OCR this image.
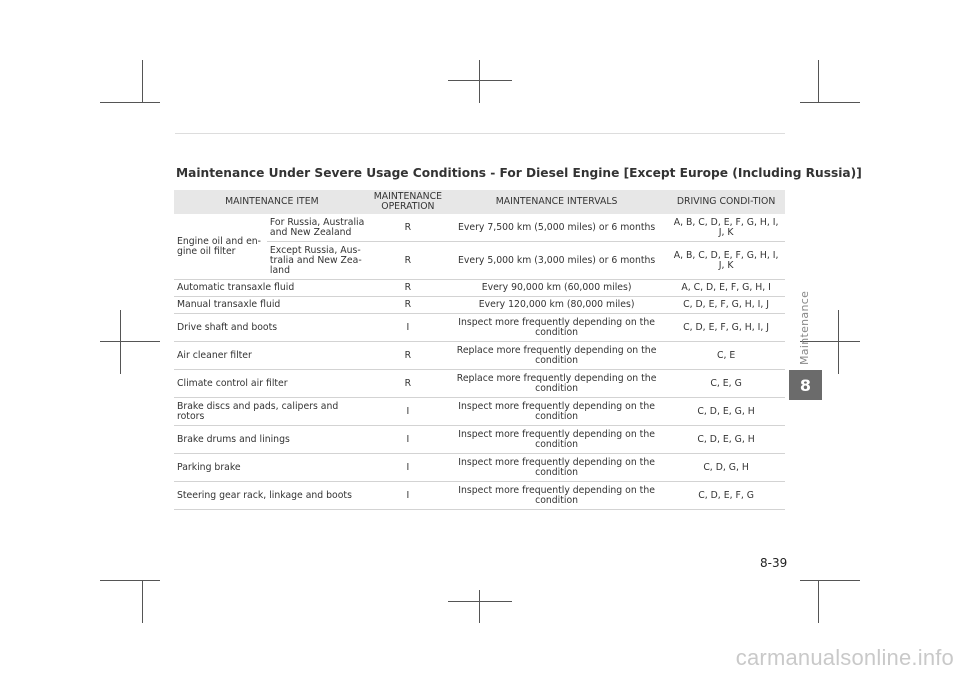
Maintenance Under Severe Usage Conditions - For Diesel Engine [Except Europe (Including Russia)]
MAINTENANCE ITEM		MAINTENANCE OPERATION	MAINTENANCE INTERVALS	DRIVING CONDI-TION
Engine oil and en-gine oil filter	For Russia, Australia and New Zealand	R	Every 7,500 km (5,000 miles) or 6 months	A, B, C, D, E, F, G, H, I, J, K
	Except Russia, Aus-tralia and New Zea-land	R	Every 5,000 km (3,000 miles) or 6 months	A, B, C, D, E, F, G, H, I, J, K
Automatic transaxle fluid		R	Every 90,000 km (60,000 miles)	A, C, D, E, F, G, H, I
Manual transaxle fluid		R	Every 120,000 km (80,000 miles)	C, D, E, F, G, H, I, J
Drive shaft and boots		I	Inspect more frequently depending on the condition	C, D, E, F, G, H, I, J
Air cleaner filter		R	Replace more frequently depending on the condition	C, E
Climate control air filter		R	Replace more frequently depending on the condition	C, E, G
Brake discs and pads, calipers and rotors		I	Inspect more frequently depending on the condition	C, D, E, G, H
Brake drums and linings		I	Inspect more frequently depending on the condition	C, D, E, G, H
Parking brake		I	Inspect more frequently depending on the condition	C, D, G, H
Steering gear rack, linkage and boots		I	Inspect more frequently depending on the condition	C, D, E, F, G
Maintenance
8
8-39
carmanualsonline.info
